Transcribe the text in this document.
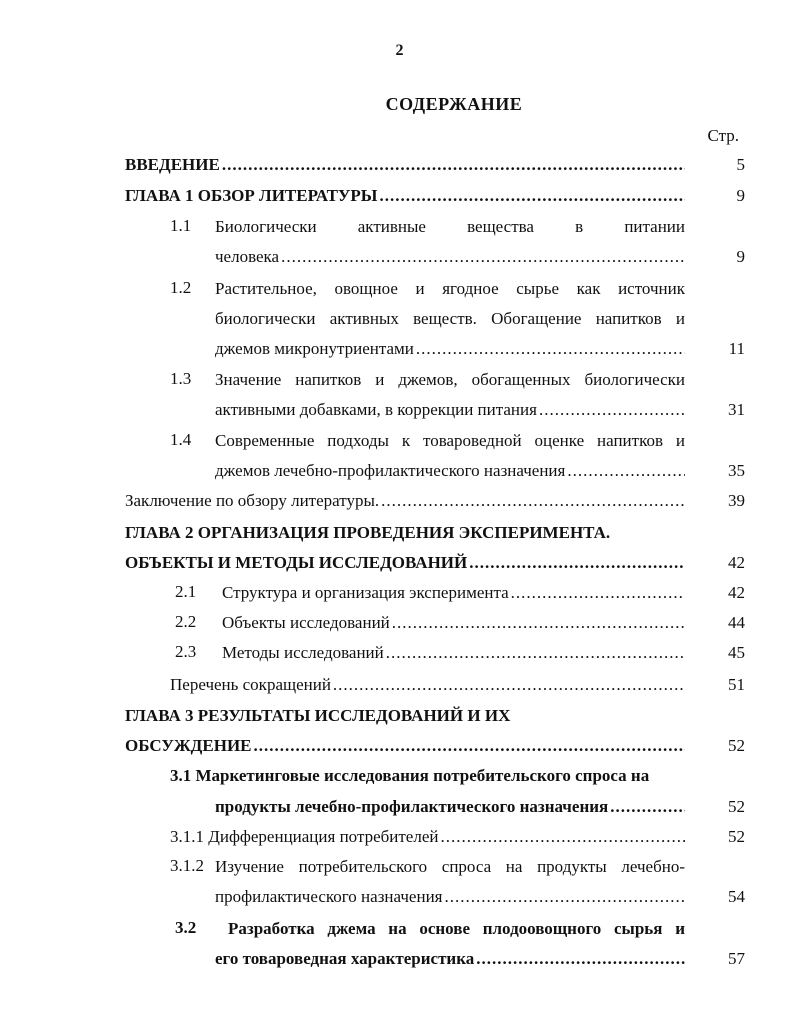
2
СОДЕРЖАНИЕ
Стр.
ВВЕДЕНИЕ .....	5
ГЛАВА 1 ОБЗОР ЛИТЕРАТУРЫ .....	9
1.1 Биологически активные вещества в питании
человека .....	9
1.2 Растительное, овощное и ягодное сырье как источник
биологически активных веществ. Обогащение напитков и
джемов микронутриентами .....	11
1.3 Значение напитков и джемов, обогащенных биологически
активными добавками, в коррекции питания .....	31
1.4 Современные подходы к товароведной оценке напитков и
джемов лечебно-профилактического назначения .....	35
Заключение по обзору литературы. .....	39
ГЛАВА 2 ОРГАНИЗАЦИЯ ПРОВЕДЕНИЯ ЭКСПЕРИМЕНТА.
ОБЪЕКТЫ И МЕТОДЫ ИССЛЕДОВАНИЙ .....	42
2.1 Структура и организация эксперимента .....	42
2.2 Объекты исследований .....	44
2.3 Методы исследований .....	45
Перечень сокращений .....	51
ГЛАВА 3 РЕЗУЛЬТАТЫ ИССЛЕДОВАНИЙ И ИХ
ОБСУЖДЕНИЕ .....	52
3.1 Маркетинговые исследования потребительского спроса на
продукты лечебно-профилактического назначения .....	52
3.1.1 Дифференциация потребителей .....	52
3.1.2 Изучение потребительского спроса на продукты лечебно-
профилактического назначения .....	54
3.2 Разработка джема на основе плодоовощного сырья и
его товароведная характеристика .....	57
